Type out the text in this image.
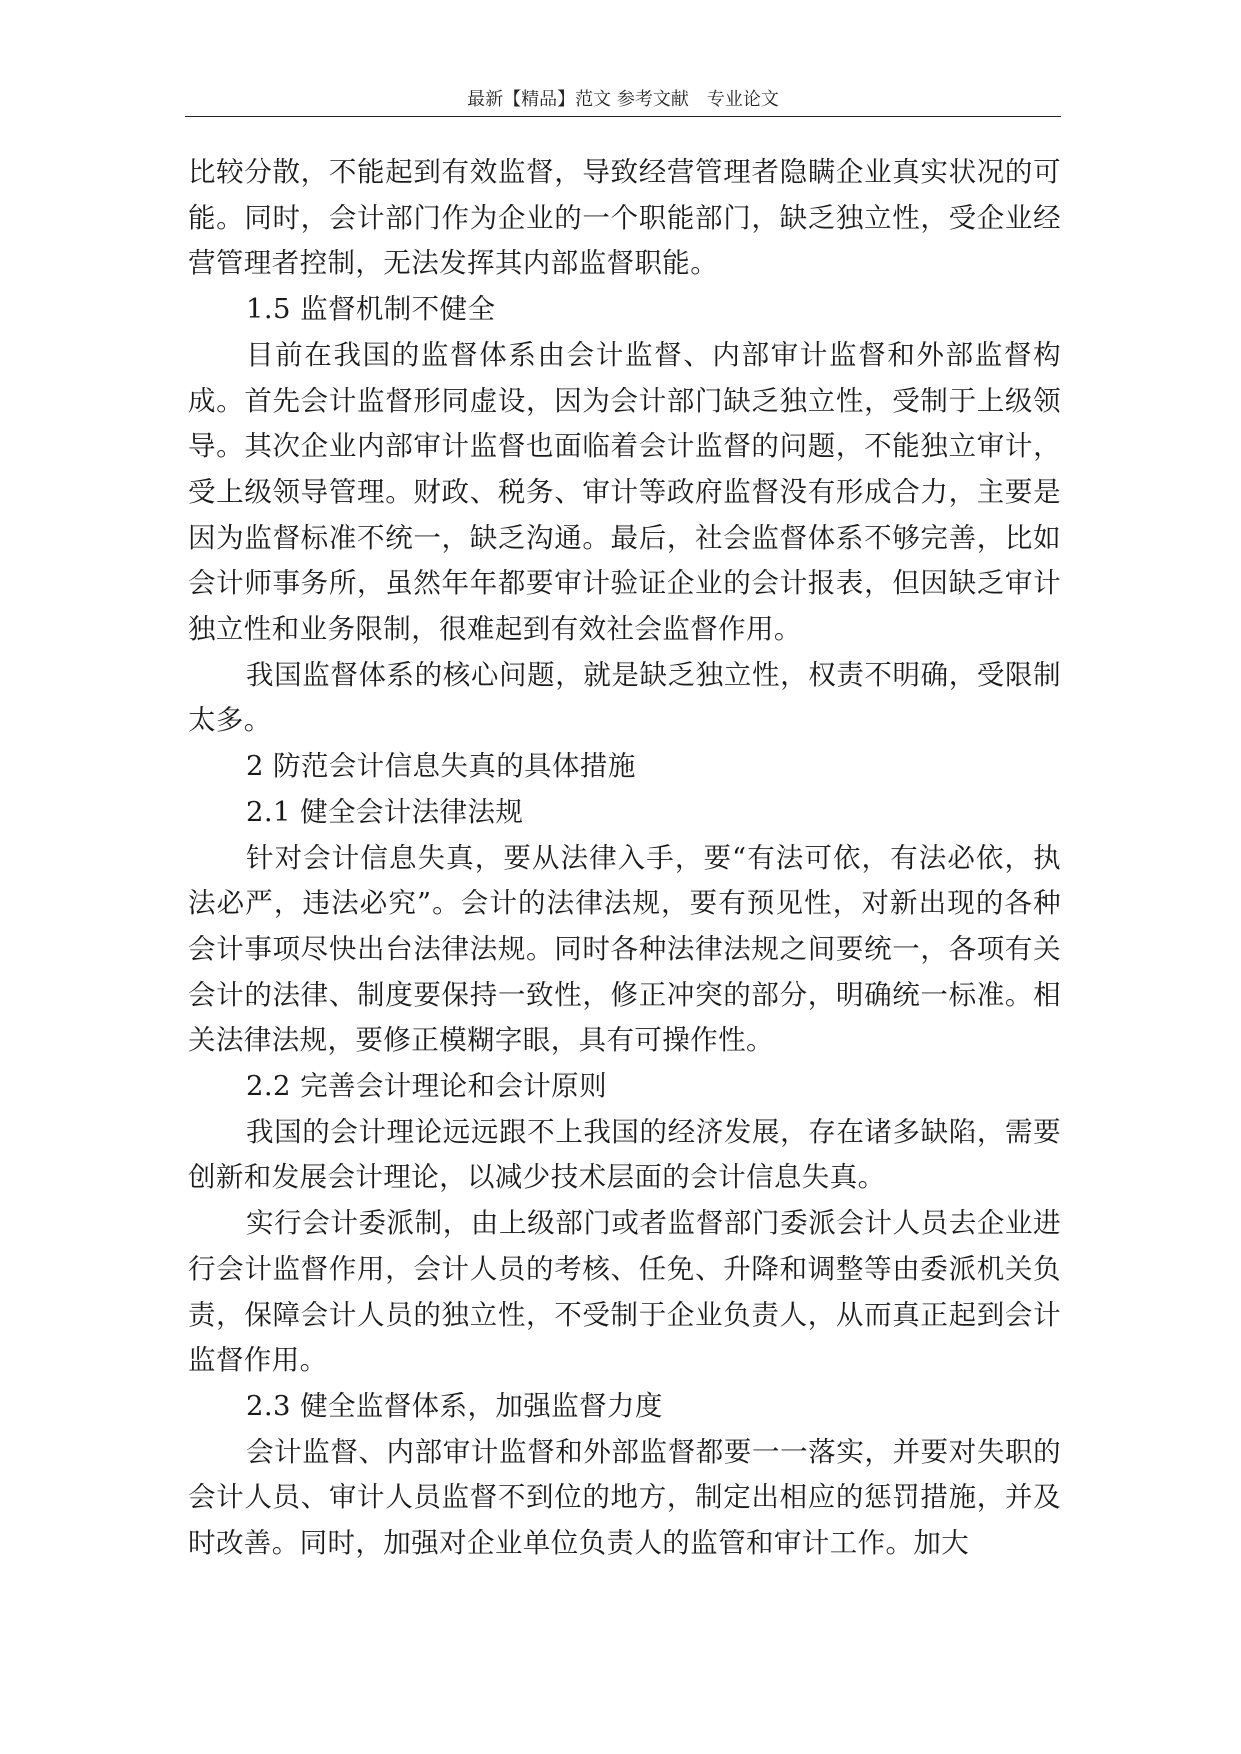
最新【精品】范文 参考文献　专业论文

比较分散，不能起到有效监督，导致经营管理者隐瞒企业真实状况的可能。同时，会计部门作为企业的一个职能部门，缺乏独立性，受企业经营管理者控制，无法发挥其内部监督职能。

1.5 监督机制不健全

目前在我国的监督体系由会计监督、内部审计监督和外部监督构成。首先会计监督形同虚设，因为会计部门缺乏独立性，受制于上级领导。其次企业内部审计监督也面临着会计监督的问题，不能独立审计，受上级领导管理。财政、税务、审计等政府监督没有形成合力，主要是因为监督标准不统一，缺乏沟通。最后，社会监督体系不够完善，比如会计师事务所，虽然年年都要审计验证企业的会计报表，但因缺乏审计独立性和业务限制，很难起到有效社会监督作用。

我国监督体系的核心问题，就是缺乏独立性，权责不明确，受限制太多。

2 防范会计信息失真的具体措施

2.1 健全会计法律法规

针对会计信息失真，要从法律入手，要“有法可依，有法必依，执法必严，违法必究”。会计的法律法规，要有预见性，对新出现的各种会计事项尽快出台法律法规。同时各种法律法规之间要统一，各项有关会计的法律、制度要保持一致性，修正冲突的部分，明确统一标准。相关法律法规，要修正模糊字眼，具有可操作性。

2.2 完善会计理论和会计原则

我国的会计理论远远跟不上我国的经济发展，存在诸多缺陷，需要创新和发展会计理论，以减少技术层面的会计信息失真。

实行会计委派制，由上级部门或者监督部门委派会计人员去企业进行会计监督作用，会计人员的考核、任免、升降和调整等由委派机关负责，保障会计人员的独立性，不受制于企业负责人，从而真正起到会计监督作用。

2.3 健全监督体系，加强监督力度

会计监督、内部审计监督和外部监督都要一一落实，并要对失职的会计人员、审计人员监督不到位的地方，制定出相应的惩罚措施，并及时改善。同时，加强对企业单位负责人的监管和审计工作。加大
